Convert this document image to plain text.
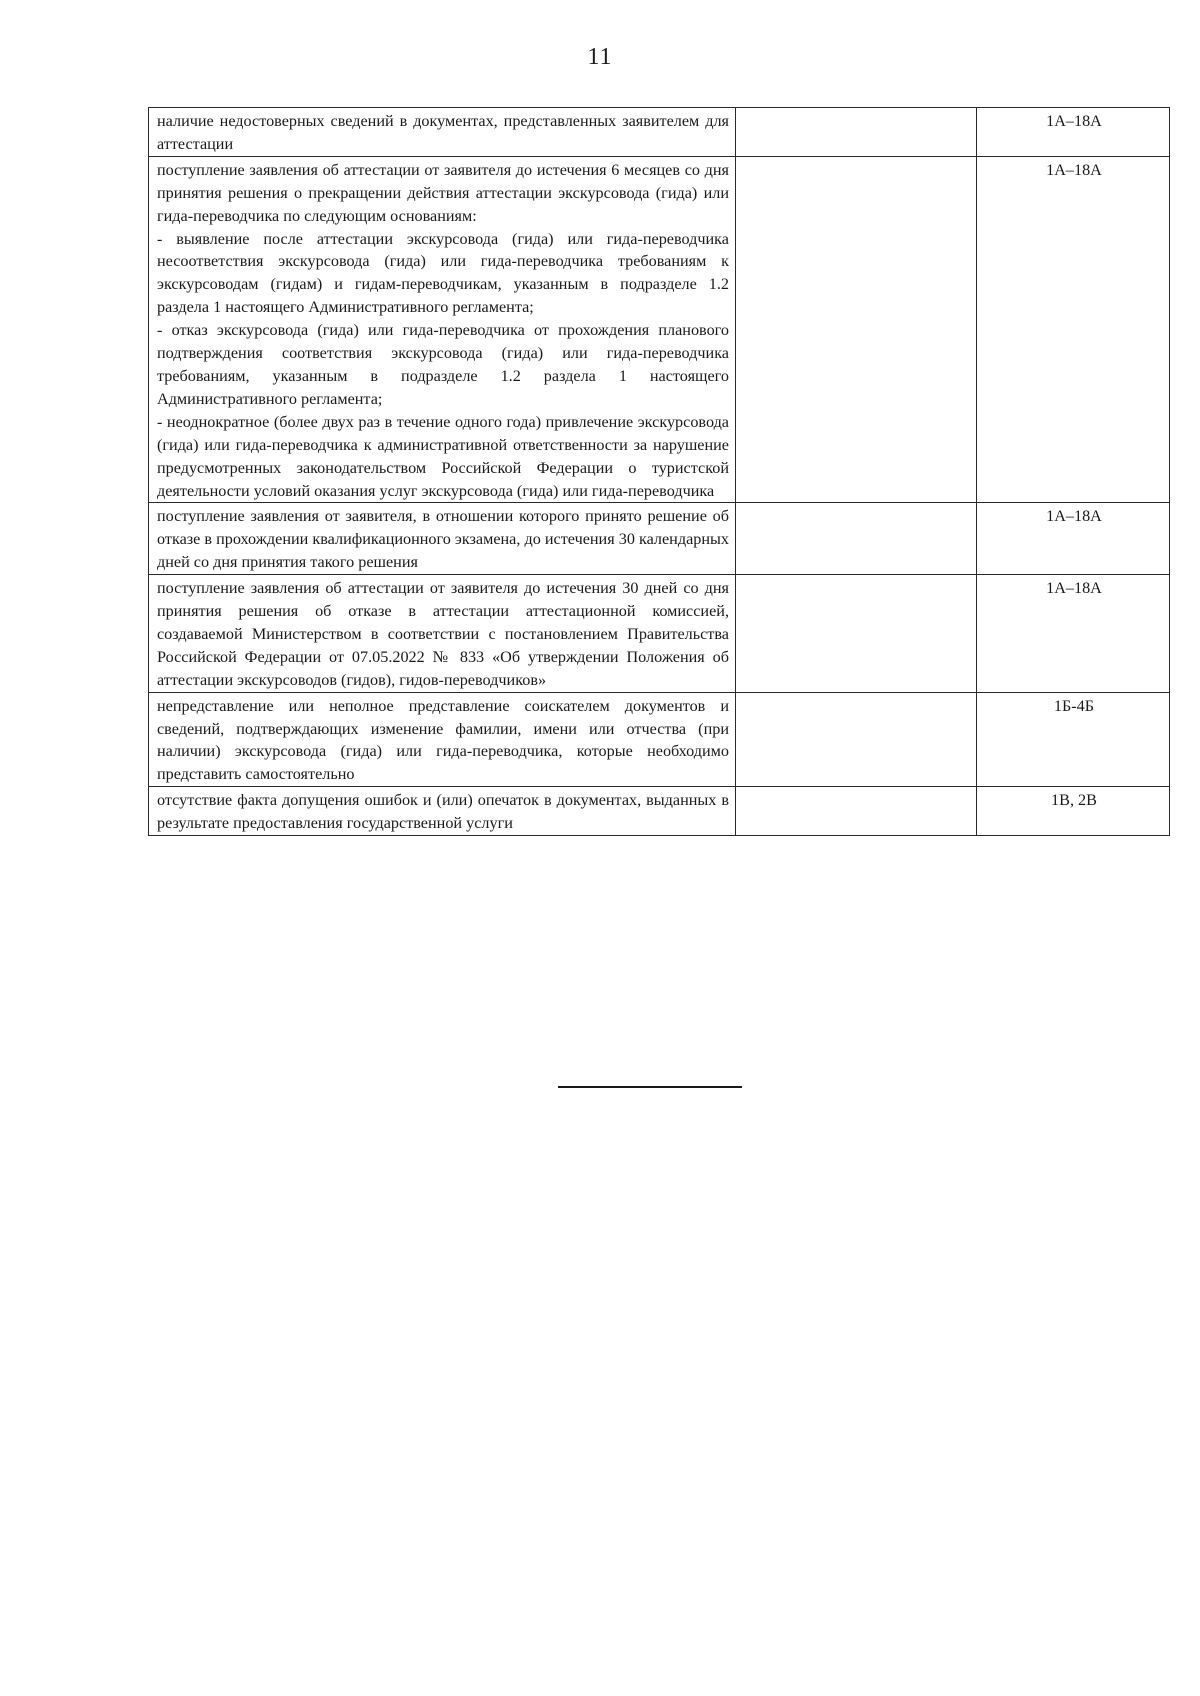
11
наличие недостоверных сведений в документах, представленных заявителем для аттестации		1А–18А

поступление заявления об аттестации от заявителя до истечения 6 месяцев со дня принятия решения о прекращении действия аттестации экскурсовода (гида) или гида-переводчика по следующим основаниям:
- выявление после аттестации экскурсовода (гида) или гида-переводчика несоответствия экскурсовода (гида) или гида-переводчика требованиям к экскурсоводам (гидам) и гидам-переводчикам, указанным в подразделе 1.2 раздела 1 настоящего Административного регламента;
- отказ экскурсовода (гида) или гида-переводчика от прохождения планового подтверждения соответствия экскурсовода (гида) или гида-переводчика требованиям, указанным в подразделе 1.2 раздела 1 настоящего Административного регламента;
- неоднократное (более двух раз в течение одного года) привлечение экскурсовода (гида) или гида-переводчика к административной ответственности за нарушение предусмотренных законодательством Российской Федерации о туристской деятельности условий оказания услуг экскурсовода (гида) или гида-переводчика		1А–18А

поступление заявления от заявителя, в отношении которого принято решение об отказе в прохождении квалификационного экзамена, до истечения 30 календарных дней со дня принятия такого решения		1А–18А

поступление заявления об аттестации от заявителя до истечения 30 дней со дня принятия решения об отказе в аттестации аттестационной комиссией, создаваемой Министерством в соответствии с постановлением Правительства Российской Федерации от 07.05.2022 № 833 «Об утверждении Положения об аттестации экскурсоводов (гидов), гидов-переводчиков»		1А–18А

непредставление или неполное представление соискателем документов и сведений, подтверждающих изменение фамилии, имени или отчества (при наличии) экскурсовода (гида) или гида-переводчика, которые необходимо представить самостоятельно		1Б-4Б

отсутствие факта допущения ошибок и (или) опечаток в документах, выданных в результате предоставления государственной услуги		1В, 2В
